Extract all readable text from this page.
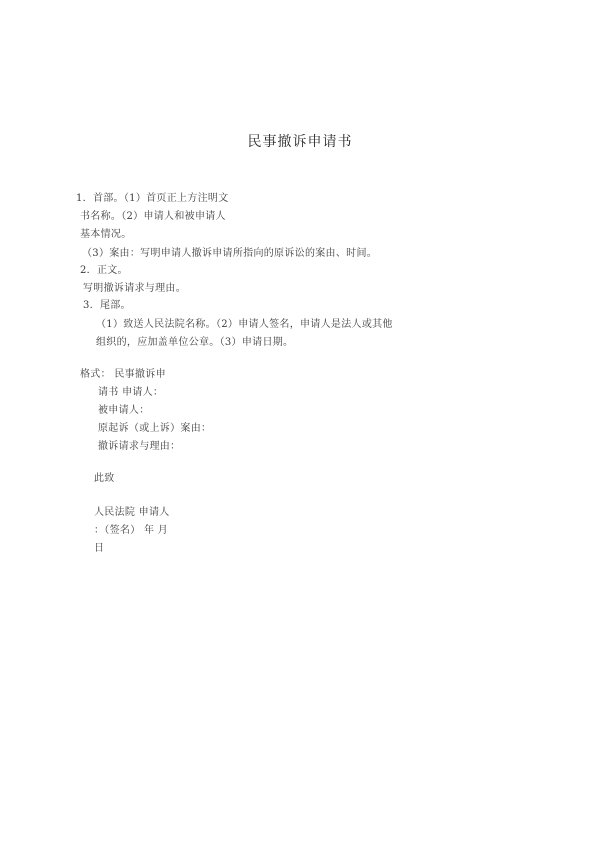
民事撤诉申请书
1．首部。（1）首页正上方注明文
书名称。（2）申请人和被申请人
基本情况。
（3）案由：写明申请人撤诉申请所指向的原诉讼的案由、时间。
2．正文。
写明撤诉请求与理由。
3．尾部。
（1）致送人民法院名称。（2）申请人签名，申请人是法人或其他
组织的，应加盖单位公章。（3）申请日期。
格式： 民事撤诉申
请书 申请人：
被申请人：
原起诉（或上诉）案由：
撤诉请求与理由：
此致
人民法院 申请人
：（签名） 年 月
日
